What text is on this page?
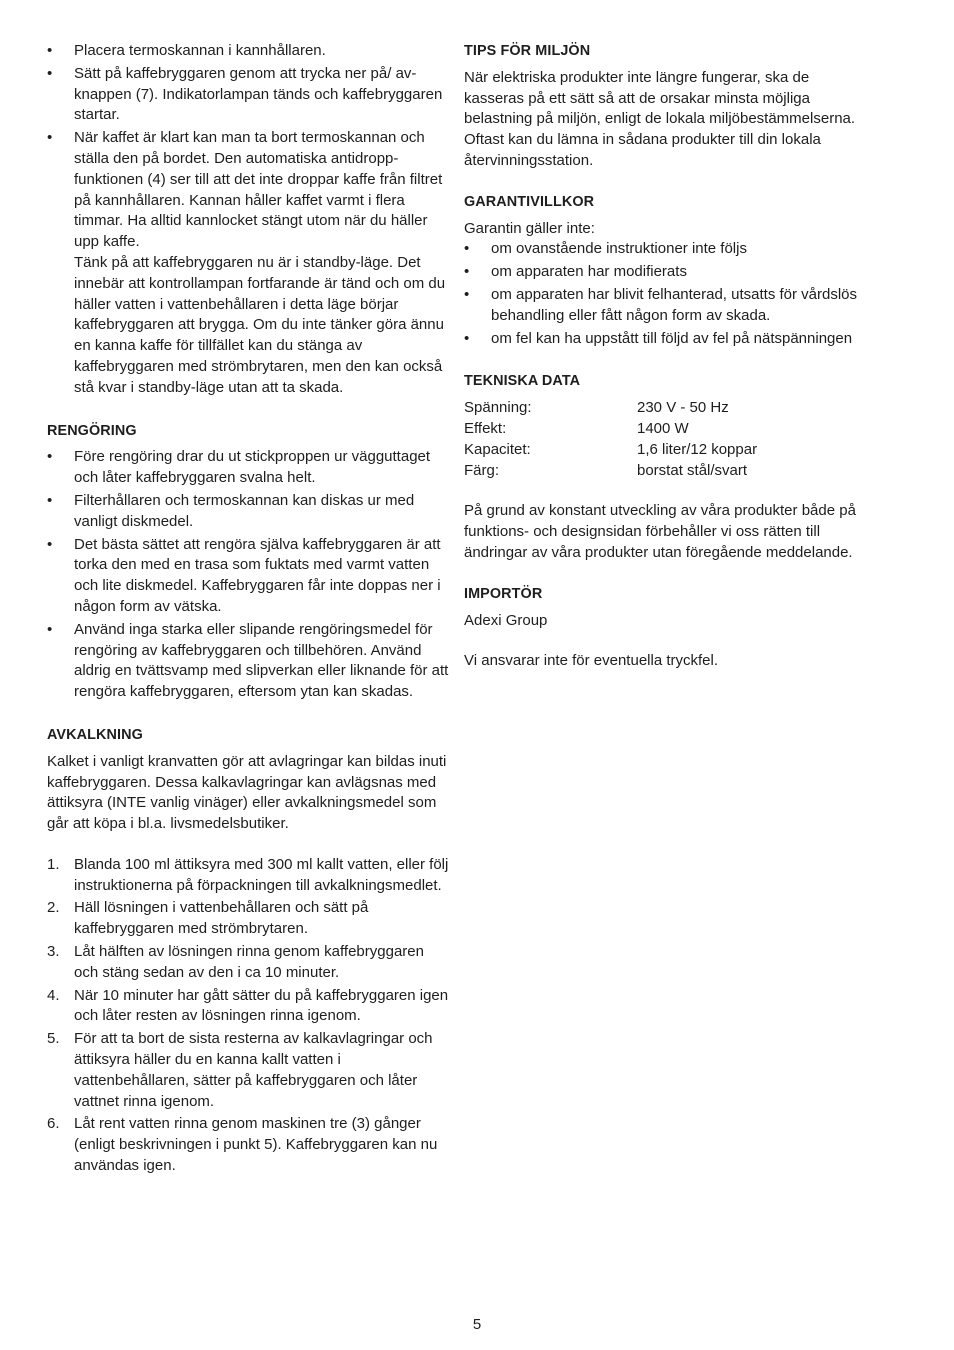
• Placera termoskannan i kannhållaren.
• Sätt på kaffebryggaren genom att trycka ner på/ av-knappen (7). Indikatorlampan tänds och kaffebryggaren startar.
• När kaffet är klart kan man ta bort termoskannan och ställa den på bordet. Den automatiska antidropp-funktionen (4) ser till att det inte droppar kaffe från filtret på kannhållaren. Kannan håller kaffet varmt i flera timmar. Ha alltid kannlocket stängt utom när du häller upp kaffe.
Tänk på att kaffebryggaren nu är i standby-läge. Det innebär att kontrollampan fortfarande är tänd och om du häller vatten i vattenbehållaren i detta läge börjar kaffebryggaren att brygga. Om du inte tänker göra ännu en kanna kaffe för tillfället kan du stänga av kaffebryggaren med strömbrytaren, men den kan också stå kvar i standby-läge utan att ta skada.
RENGÖRING
• Före rengöring drar du ut stickproppen ur vägguttaget och låter kaffebryggaren svalna helt.
• Filterhållaren och termoskannan kan diskas ur med vanligt diskmedel.
• Det bästa sättet att rengöra själva kaffebryggaren är att torka den med en trasa som fuktats med varmt vatten och lite diskmedel. Kaffebryggaren får inte doppas ner i någon form av vätska.
• Använd inga starka eller slipande rengöringsmedel för rengöring av kaffebryggaren och tillbehören. Använd aldrig en tvättsvamp med slipverkan eller liknande för att rengöra kaffebryggaren, eftersom ytan kan skadas.
AVKALKNING

Kalket i vanligt kranvatten gör att avlagringar kan bildas inuti kaffebryggaren. Dessa kalkavlagringar kan avlägsnas med ättiksyra (INTE vanlig vinäger) eller avkalkningsmedel som går att köpa i bl.a. livsmedelsbutiker.

1. Blanda 100 ml ättiksyra med 300 ml kallt vatten, eller följ instruktionerna på förpackningen till avkalkningsmedlet.
2. Häll lösningen i vattenbehållaren och sätt på kaffebryggaren med strömbrytaren.
3. Låt hälften av lösningen rinna genom kaffebryggaren och stäng sedan av den i ca 10 minuter.
4. När 10 minuter har gått sätter du på kaffebryggaren igen och låter resten av lösningen rinna igenom.
5. För att ta bort de sista resterna av kalkavlagringar och ättiksyra häller du en kanna kallt vatten i vattenbehållaren, sätter på kaffebryggaren och låter vattnet rinna igenom.
6. Låt rent vatten rinna genom maskinen tre (3) gånger (enligt beskrivningen i punkt 5). Kaffebryggaren kan nu användas igen.
TIPS FÖR MILJÖN

När elektriska produkter inte längre fungerar, ska de kasseras på ett sätt så att de orsakar minsta möjliga belastning på miljön, enligt de lokala miljöbestämmelserna. Oftast kan du lämna in sådana produkter till din lokala återvinningsstation.

GARANTIVILLKOR

Garantin gäller inte:

• om ovanstående instruktioner inte följs
• om apparaten har modifierats
• om apparaten har blivit felhanterad, utsatts för vårdslös behandling eller fått någon form av skada.
• om fel kan ha uppstått till följd av fel på nätspänningen
TEKNISKA DATA
Spänning:	230 V - 50 Hz
Effekt:	1400 W
Kapacitet:	1,6 liter/12 koppar
Färg:	borstat stål/svart

På grund av konstant utveckling av våra produkter både på funktions- och designsidan förbehåller vi oss rätten till ändringar av våra produkter utan föregående meddelande.

IMPORTÖR

Adexi Group

Vi ansvarar inte för eventuella tryckfel.

5
